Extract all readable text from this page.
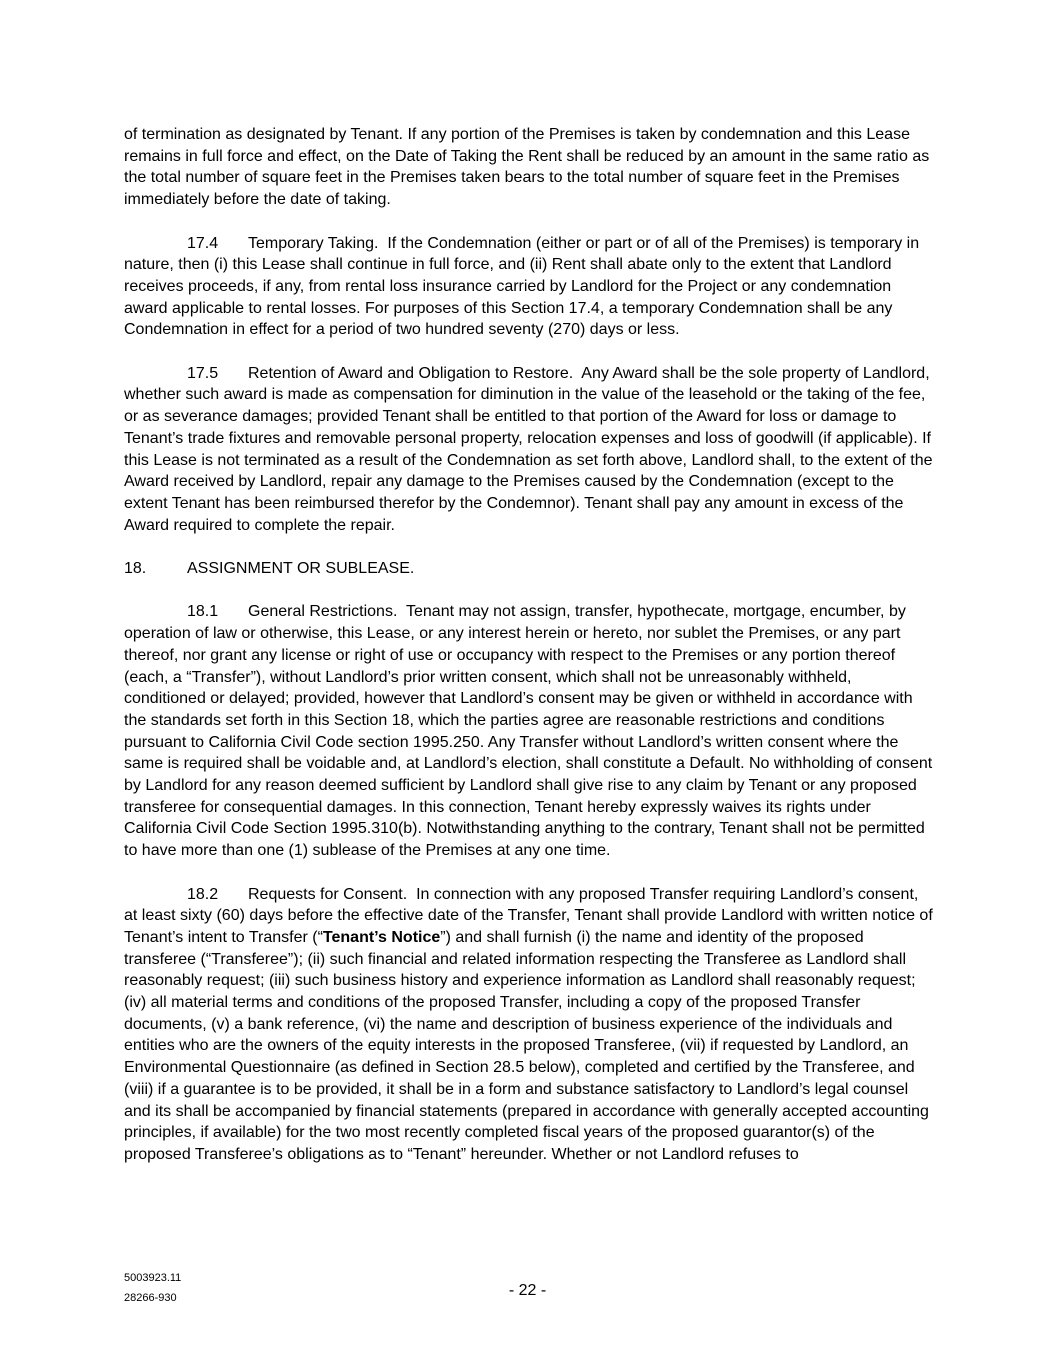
of termination as designated by Tenant. If any portion of the Premises is taken by condemnation and this Lease remains in full force and effect, on the Date of Taking the Rent shall be reduced by an amount in the same ratio as the total number of square feet in the Premises taken bears to the total number of square feet in the Premises immediately before the date of taking.

17.4 Temporary Taking. If the Condemnation (either or part or of all of the Premises) is temporary in nature, then (i) this Lease shall continue in full force, and (ii) Rent shall abate only to the extent that Landlord receives proceeds, if any, from rental loss insurance carried by Landlord for the Project or any condemnation award applicable to rental losses. For purposes of this Section 17.4, a temporary Condemnation shall be any Condemnation in effect for a period of two hundred seventy (270) days or less.

17.5 Retention of Award and Obligation to Restore. Any Award shall be the sole property of Landlord, whether such award is made as compensation for diminution in the value of the leasehold or the taking of the fee, or as severance damages; provided Tenant shall be entitled to that portion of the Award for loss or damage to Tenant’s trade fixtures and removable personal property, relocation expenses and loss of goodwill (if applicable). If this Lease is not terminated as a result of the Condemnation as set forth above, Landlord shall, to the extent of the Award received by Landlord, repair any damage to the Premises caused by the Condemnation (except to the extent Tenant has been reimbursed therefor by the Condemnor). Tenant shall pay any amount in excess of the Award required to complete the repair.

18.	ASSIGNMENT OR SUBLEASE.

18.1 General Restrictions. Tenant may not assign, transfer, hypothecate, mortgage, encumber, by operation of law or otherwise, this Lease, or any interest herein or hereto, nor sublet the Premises, or any part thereof, nor grant any license or right of use or occupancy with respect to the Premises or any portion thereof (each, a “Transfer”), without Landlord’s prior written consent, which shall not be unreasonably withheld, conditioned or delayed; provided, however that Landlord’s consent may be given or withheld in accordance with the standards set forth in this Section 18, which the parties agree are reasonable restrictions and conditions pursuant to California Civil Code section 1995.250. Any Transfer without Landlord’s written consent where the same is required shall be voidable and, at Landlord’s election, shall constitute a Default. No withholding of consent by Landlord for any reason deemed sufficient by Landlord shall give rise to any claim by Tenant or any proposed transferee for consequential damages. In this connection, Tenant hereby expressly waives its rights under California Civil Code Section 1995.310(b). Notwithstanding anything to the contrary, Tenant shall not be permitted to have more than one (1) sublease of the Premises at any one time.

18.2 Requests for Consent. In connection with any proposed Transfer requiring Landlord’s consent, at least sixty (60) days before the effective date of the Transfer, Tenant shall provide Landlord with written notice of Tenant’s intent to Transfer (“Tenant’s Notice”) and shall furnish (i) the name and identity of the proposed transferee (“Transferee”); (ii) such financial and related information respecting the Transferee as Landlord shall reasonably request; (iii) such business history and experience information as Landlord shall reasonably request; (iv) all material terms and conditions of the proposed Transfer, including a copy of the proposed Transfer documents, (v) a bank reference, (vi) the name and description of business experience of the individuals and entities who are the owners of the equity interests in the proposed Transferee, (vii) if requested by Landlord, an Environmental Questionnaire (as defined in Section 28.5 below), completed and certified by the Transferee, and (viii) if a guarantee is to be provided, it shall be in a form and substance satisfactory to Landlord’s legal counsel and its shall be accompanied by financial statements (prepared in accordance with generally accepted accounting principles, if available) for the two most recently completed fiscal years of the proposed guarantor(s) of the proposed Transferee’s obligations as to “Tenant” hereunder. Whether or not Landlord refuses to

5003923.11
28266-930	- 22 -
